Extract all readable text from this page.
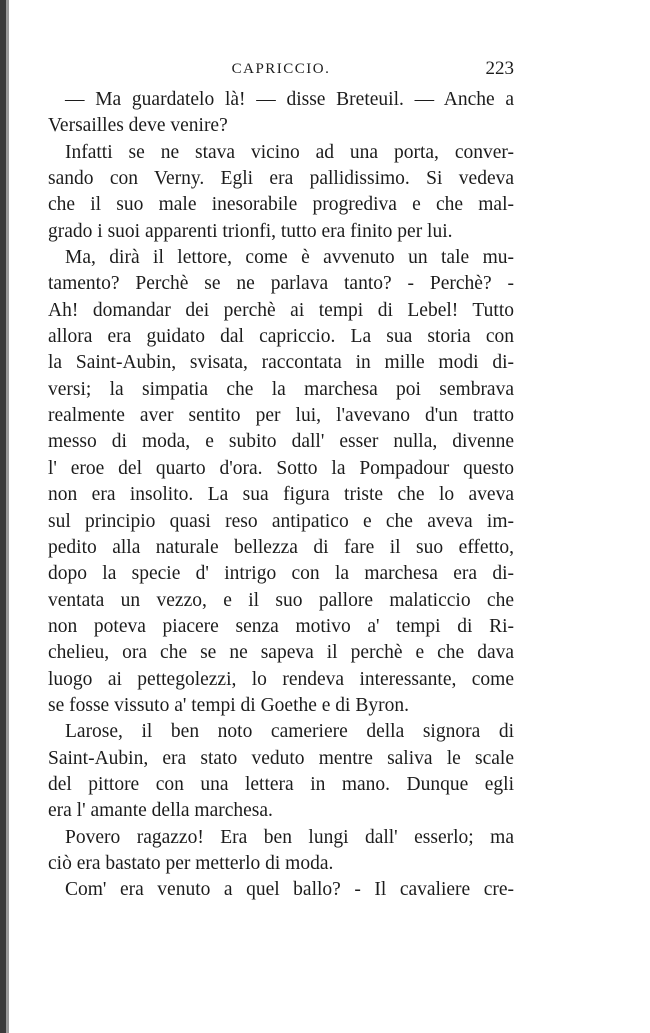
CAPRICCIO.	223
— Ma guardatelo là! — disse Breteuil. — Anche a
Versailles deve venire?
Infatti se ne stava vicino ad una porta, conver-
sando con Verny. Egli era pallidissimo. Si vedeva
che il suo male inesorabile progrediva e che mal-
grado i suoi apparenti trionfi, tutto era finito per lui.
Ma, dirà il lettore, come è avvenuto un tale mu-
tamento? Perchè se ne parlava tanto? - Perchè? -
Ah! domandar dei perchè ai tempi di Lebel! Tutto
allora era guidato dal capriccio. La sua storia con
la Saint-Aubin, svisata, raccontata in mille modi di-
versi; la simpatia che la marchesa poi sembrava
realmente aver sentito per lui, l'avevano d'un tratto
messo di moda, e subito dall' esser nulla, divenne
l' eroe del quarto d'ora. Sotto la Pompadour questo
non era insolito. La sua figura triste che lo aveva
sul principio quasi reso antipatico e che aveva im-
pedito alla naturale bellezza di fare il suo effetto,
dopo la specie d' intrigo con la marchesa era di-
ventata un vezzo, e il suo pallore malaticcio che
non poteva piacere senza motivo a' tempi di Ri-
chelieu, ora che se ne sapeva il perchè e che dava
luogo ai pettegolezzi, lo rendeva interessante, come
se fosse vissuto a' tempi di Goethe e di Byron.
Larose, il ben noto cameriere della signora di
Saint-Aubin, era stato veduto mentre saliva le scale
del pittore con una lettera in mano. Dunque egli
era l' amante della marchesa.
Povero ragazzo! Era ben lungi dall' esserlo; ma
ciò era bastato per metterlo di moda.
Com' era venuto a quel ballo? - Il cavaliere cre-
